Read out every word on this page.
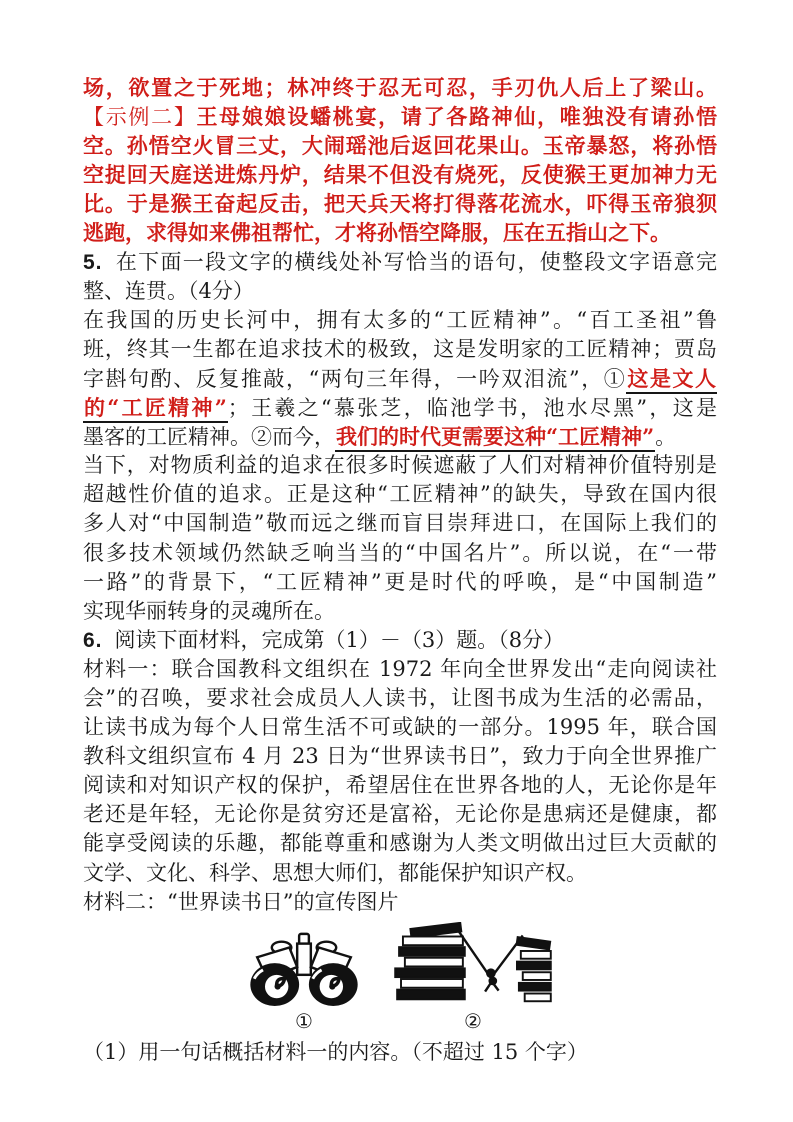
场，欲置之于死地；林冲终于忍无可忍，手刃仇人后上了梁山。
【示例二】王母娘娘设蟠桃宴，请了各路神仙，唯独没有请孙悟
空。孙悟空火冒三丈，大闹瑶池后返回花果山。玉帝暴怒，将孙悟
空捉回天庭送进炼丹炉，结果不但没有烧死，反使猴王更加神力无
比。于是猴王奋起反击，把天兵天将打得落花流水，吓得玉帝狼狈
逃跑，求得如来佛祖帮忙，才将孙悟空降服，压在五指山之下。
5. 在下面一段文字的横线处补写恰当的语句，使整段文字语意完
整、连贯。（4分）
在我国的历史长河中，拥有太多的“工匠精神”。“百工圣祖”鲁
班，终其一生都在追求技术的极致，这是发明家的工匠精神；贾岛
字斟句酌、反复推敲，“两句三年得，一吟双泪流”，①这是文人
的“工匠精神”；王羲之“慕张芝，临池学书，池水尽黑”，这是
墨客的工匠精神。②而今，我们的时代更需要这种“工匠精神”。
当下，对物质利益的追求在很多时候遮蔽了人们对精神价值特别是
超越性价值的追求。正是这种“工匠精神”的缺失，导致在国内很
多人对“中国制造”敬而远之继而盲目崇拜进口，在国际上我们的
很多技术领域仍然缺乏响当当的“中国名片”。所以说，在“一带
一路”的背景下，“工匠精神”更是时代的呼唤，是“中国制造”
实现华丽转身的灵魂所在。
6. 阅读下面材料，完成第（1）－（3）题。（8分）
材料一：联合国教科文组织在 1972 年向全世界发出“走向阅读社
会”的召唤，要求社会成员人人读书，让图书成为生活的必需品，
让读书成为每个人日常生活不可或缺的一部分。1995 年，联合国
教科文组织宣布 4 月 23 日为“世界读书日”，致力于向全世界推广
阅读和对知识产权的保护，希望居住在世界各地的人，无论你是年
老还是年轻，无论你是贫穷还是富裕，无论你是患病还是健康，都
能享受阅读的乐趣，都能尊重和感谢为人类文明做出过巨大贡献的
文学、文化、科学、思想大师们，都能保护知识产权。
材料二：“世界读书日”的宣传图片
①	②
（1）用一句话概括材料一的内容。（不超过 15 个字）
